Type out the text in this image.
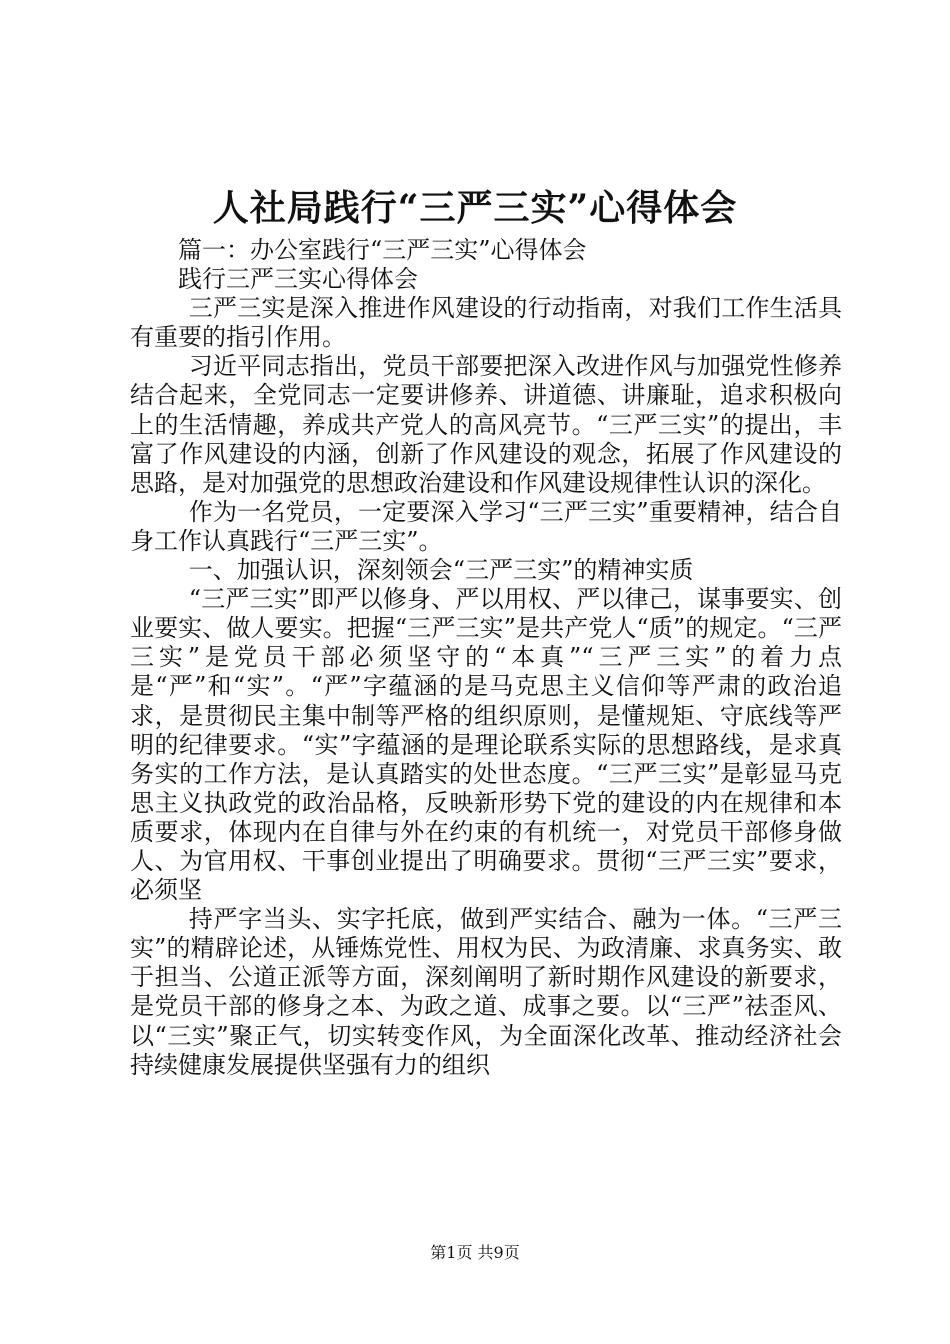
人社局践行“三严三实”心得体会

篇一：办公室践行“三严三实”心得体会

践行三严三实心得体会

三严三实是深入推进作风建设的行动指南，对我们工作生活具有重要的指引作用。

习近平同志指出，党员干部要把深入改进作风与加强党性修养结合起来，全党同志一定要讲修养、讲道德、讲廉耻，追求积极向上的生活情趣，养成共产党人的高风亮节。“三严三实”的提出，丰富了作风建设的内涵，创新了作风建设的观念，拓展了作风建设的思路，是对加强党的思想政治建设和作风建设规律性认识的深化。

作为一名党员，一定要深入学习“三严三实”重要精神，结合自身工作认真践行“三严三实”。

一、加强认识，深刻领会“三严三实”的精神实质

“三严三实”即严以修身、严以用权、严以律己，谋事要实、创业要实、做人要实。把握“三严三实”是共产党人“质”的规定。“三严三实”是党员干部必须坚守的“本真”“三严三实”的着力点是“严”和“实”。“严”字蕴涵的是马克思主义信仰等严肃的政治追求，是贯彻民主集中制等严格的组织原则，是懂规矩、守底线等严明的纪律要求。“实”字蕴涵的是理论联系实际的思想路线，是求真务实的工作方法，是认真踏实的处世态度。“三严三实”是彰显马克思主义执政党的政治品格，反映新形势下党的建设的内在规律和本质要求，体现内在自律与外在约束的有机统一，对党员干部修身做人、为官用权、干事创业提出了明确要求。贯彻“三严三实”要求，必须坚

持严字当头、实字托底，做到严实结合、融为一体。“三严三实”的精辟论述，从锤炼党性、用权为民、为政清廉、求真务实、敢于担当、公道正派等方面，深刻阐明了新时期作风建设的新要求，是党员干部的修身之本、为政之道、成事之要。以“三严”祛歪风、以“三实”聚正气，切实转变作风，为全面深化改革、推动经济社会持续健康发展提供坚强有力的组织

第1页 共9页
